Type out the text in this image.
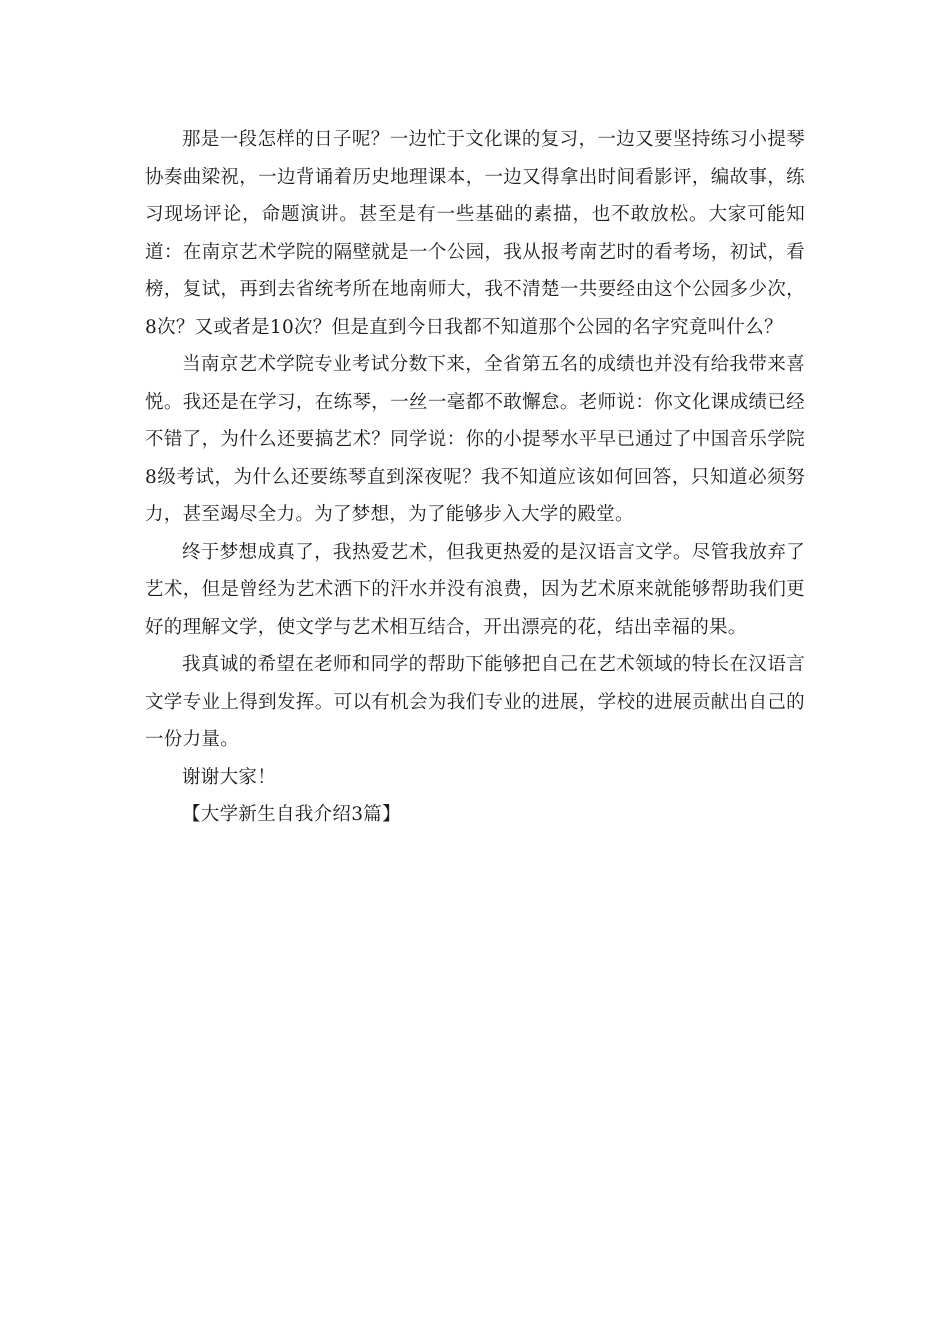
那是一段怎样的日子呢？一边忙于文化课的复习，一边又要坚持练习小提琴协奏曲梁祝，一边背诵着历史地理课本，一边又得拿出时间看影评，编故事，练习现场评论，命题演讲。甚至是有一些基础的素描，也不敢放松。大家可能知道：在南京艺术学院的隔壁就是一个公园，我从报考南艺时的看考场，初试，看榜，复试，再到去省统考所在地南师大，我不清楚一共要经由这个公园多少次，8次？又或者是10次？但是直到今日我都不知道那个公园的名字究竟叫什么？

当南京艺术学院专业考试分数下来，全省第五名的成绩也并没有给我带来喜悦。我还是在学习，在练琴，一丝一毫都不敢懈怠。老师说：你文化课成绩已经不错了，为什么还要搞艺术？同学说：你的小提琴水平早已通过了中国音乐学院8级考试，为什么还要练琴直到深夜呢？我不知道应该如何回答，只知道必须努力，甚至竭尽全力。为了梦想，为了能够步入大学的殿堂。

终于梦想成真了，我热爱艺术，但我更热爱的是汉语言文学。尽管我放弃了艺术，但是曾经为艺术洒下的汗水并没有浪费，因为艺术原来就能够帮助我们更好的理解文学，使文学与艺术相互结合，开出漂亮的花，结出幸福的果。

我真诚的希望在老师和同学的帮助下能够把自己在艺术领域的特长在汉语言文学专业上得到发挥。可以有机会为我们专业的进展，学校的进展贡献出自己的一份力量。

谢谢大家！

【大学新生自我介绍3篇】
